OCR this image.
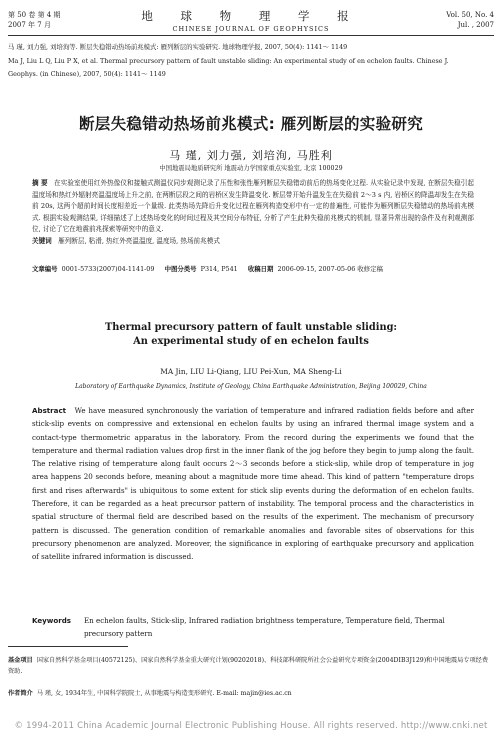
第 50 卷 第 4 期
2007 年 7 月
地 球 物 理 学 报
CHINESE JOURNAL OF GEOPHYSICS
Vol. 50, No. 4
Jul. , 2007
马 瑾, 刘力强, 刘培洵等. 断层失稳错动热场前兆模式: 雁列断层的实验研究. 地球物理学报, 2007, 50(4): 1141～ 1149
Ma J, Liu L Q, Liu P X, et al. Thermal precursory pattern of fault unstable sliding: An experimental study of en echelon faults. Chinese J.
Geophys. (in Chinese), 2007, 50(4): 1141～ 1149
断层失稳错动热场前兆模式: 雁列断层的实验研究
马 瑾, 刘力强, 刘培洵, 马胜利
中国地震局地质研究所 地震动力学国家重点实验室, 北京 100029
摘 要 在实验室使用红外热像仪和接触式测温仪同步观测记录了压性和张性雁列断层失稳错动前后的热场变化过程. 从实验记录中发现, 在断层失稳引起温度场和热红外辐射亮温温度场上升之前, 在两断层段之间的岩桥区发生降温变化. 断层带开始升温发生在失稳前 2～3 s 内, 岩桥区的降温却发生在失稳前 20s, 这两个超前时间长度相差近一个量级. 此类热场先降后升变化过程在雁列构造变形中有一定的普遍性, 可能作为雁列断层失稳错动的热场前兆模式. 根据实验观测结果, 详细描述了上述热场变化的时间过程及其空间分布特征, 分析了产生此种失稳前兆模式的机制, 显著异常出现的条件及有利观测部位, 讨论了它在地震前兆探索等研究中的意义.
关键词 雁列断层, 粘滑, 热红外亮温温度, 温度场, 热场前兆模式
文章编号 0001-5733(2007)04-1141-09 中图分类号 P314, P541 收稿日期 2006-09-15, 2007-05-06 收修定稿
Thermal precursory pattern of fault unstable sliding:
An experimental study of en echelon faults
MA Jin, LIU Li-Qiang, LIU Pei-Xun, MA Sheng-Li
Laboratory of Earthquake Dynamics, Institute of Geology, China Earthquake Administration, Beijing 100029, China
Abstract We have measured synchronously the variation of temperature and infrared radiation fields before and after stick-slip events on compressive and extensional en echelon faults by using an infrared thermal image system and a contact-type thermometric apparatus in the laboratory. From the record during the experiments we found that the temperature and thermal radiation values drop first in the inner flank of the jog before they begin to jump along the fault. The relative rising of temperature along fault occurs 2～3 seconds before a stick-slip, while drop of temperature in jog area happens 20 seconds before, meaning about a magnitude more time ahead. This kind of pattern "temperature drops first and rises afterwards" is ubiquitous to some extent for stick slip events during the deformation of en echelon faults. Therefore, it can be regarded as a heat precursor pattern of instability. The temporal process and the characteristics in spatial structure of thermal field are described based on the results of the experiment. The mechanism of precursory pattern is discussed. The generation condition of remarkable anomalies and favorable sites of observations for this precursory phenomenon are analyzed. Moreover, the significance in exploring of earthquake precursory and application of satellite infrared information is discussed.
Keywords En echelon faults, Stick-slip, Infrared radiation brightness temperature, Temperature field, Thermal precursory pattern
基金项目 国家自然科学基金项目(40572125)、国家自然科学基金重大研究计划(90202018)、科技部科研院所社会公益研究专项资金(2004DIB3J129)和中国地震局专项经费资助.
作者简介 马 瑾, 女, 1934年生, 中国科学院院士, 从事地震与构造变形研究. E-mail: majin@ies.ac.cn
© 1994-2011 China Academic Journal Electronic Publishing House. All rights reserved. http://www.cnki.net
